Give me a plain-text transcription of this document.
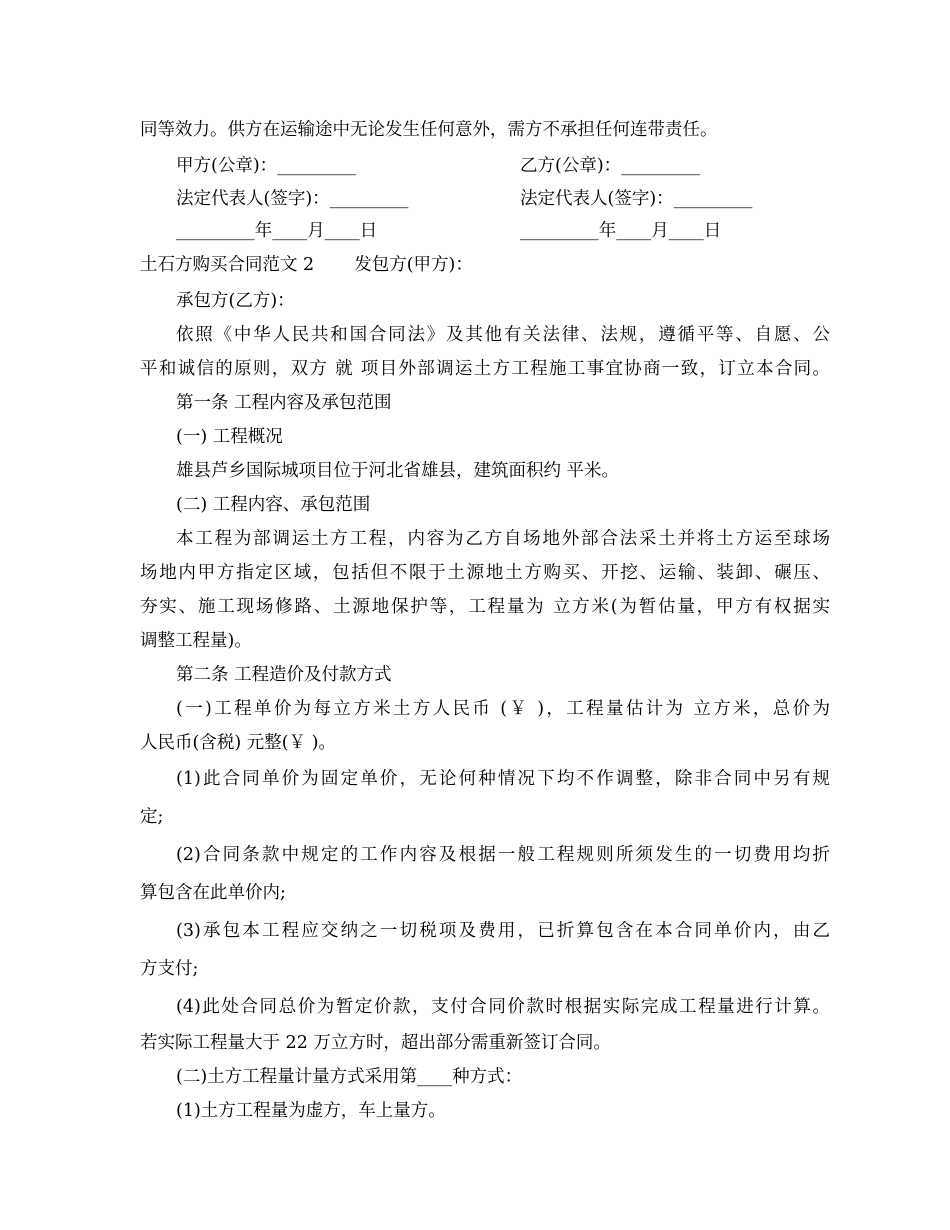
同等效力。供方在运输途中无论发生任何意外，需方不承担任何连带责任。
甲方(公章)：_________	乙方(公章)：_________
法定代表人(签字)：_________	法定代表人(签字)：_________
_________年____月____日	_________年____月____日
土石方购买合同范文 2 发包方(甲方)：
承包方(乙方)：
依照《中华人民共和国合同法》及其他有关法律、法规，遵循平等、自愿、公
平和诚信的原则，双方 就 项目外部调运土方工程施工事宜协商一致，订立本合同。
第一条 工程内容及承包范围
(一) 工程概况
雄县芦乡国际城项目位于河北省雄县，建筑面积约 平米。
(二) 工程内容、承包范围
本工程为部调运土方工程，内容为乙方自场地外部合法采土并将土方运至球场
场地内甲方指定区域，包括但不限于土源地土方购买、开挖、运输、装卸、碾压、
夯实、施工现场修路、土源地保护等，工程量为 立方米(为暂估量，甲方有权据实
调整工程量)。
第二条 工程造价及付款方式
(一)工程单价为每立方米土方人民币 (￥ )，工程量估计为 立方米，总价为
人民币(含税) 元整(￥ )。
(1)此合同单价为固定单价，无论何种情况下均不作调整，除非合同中另有规
定;
(2)合同条款中规定的工作内容及根据一般工程规则所须发生的一切费用均折
算包含在此单价内;
(3)承包本工程应交纳之一切税项及费用，已折算包含在本合同单价内，由乙
方支付;
(4)此处合同总价为暂定价款，支付合同价款时根据实际完成工程量进行计算。
若实际工程量大于 22 万立方时，超出部分需重新签订合同。
(二)土方工程量计量方式采用第____种方式：
(1)土方工程量为虚方，车上量方。
